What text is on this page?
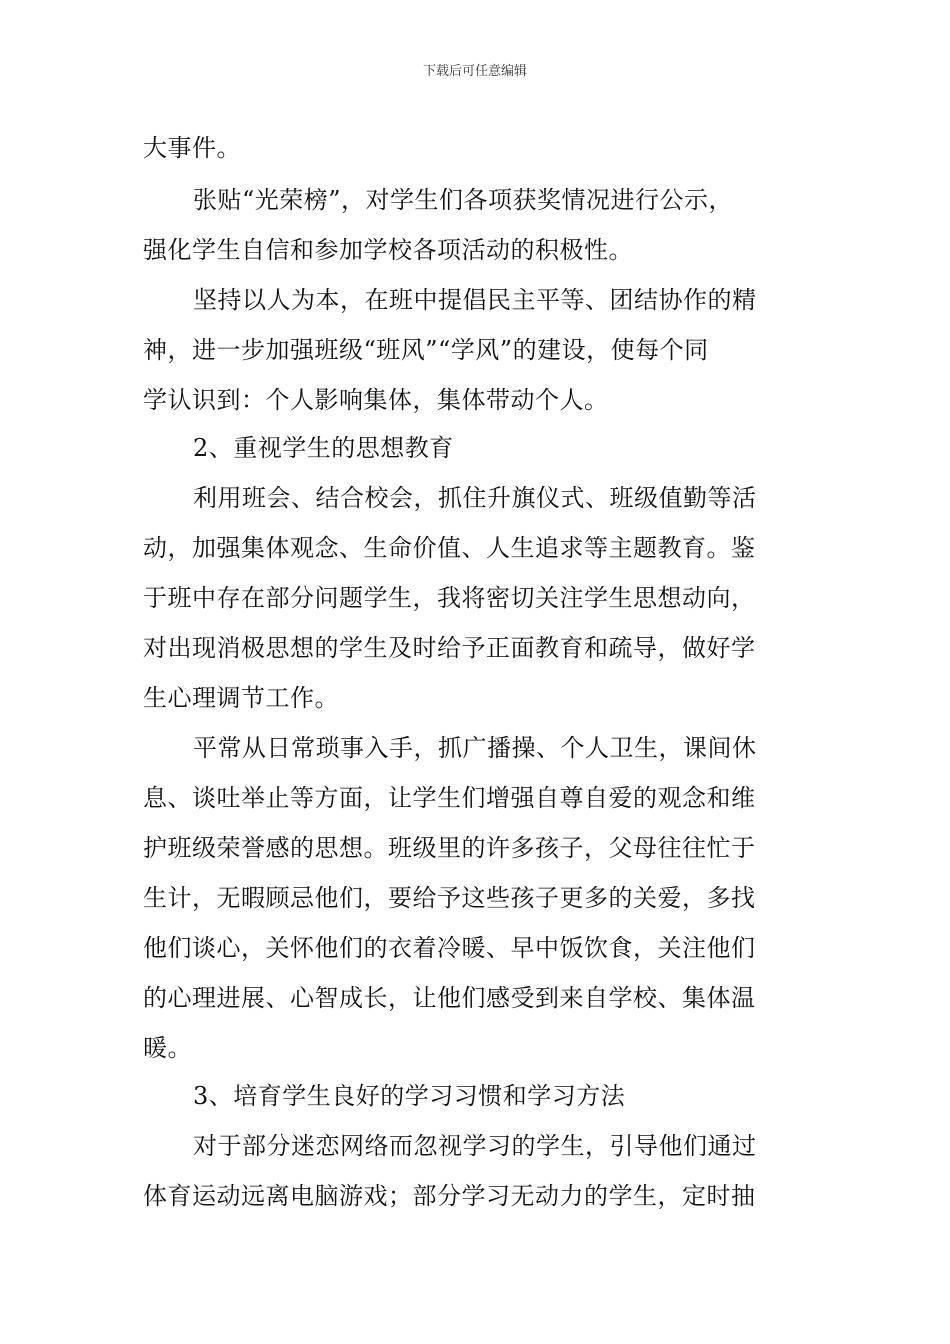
下载后可任意编辑
大事件。
张贴“光荣榜”，对学生们各项获奖情况进行公示，
强化学生自信和参加学校各项活动的积极性。
坚持以人为本，在班中提倡民主平等、团结协作的精
神，进一步加强班级“班风”“学风”的建设，使每个同
学认识到：个人影响集体，集体带动个人。
2、重视学生的思想教育
利用班会、结合校会，抓住升旗仪式、班级值勤等活
动，加强集体观念、生命价值、人生追求等主题教育。鉴
于班中存在部分问题学生，我将密切关注学生思想动向，
对出现消极思想的学生及时给予正面教育和疏导，做好学
生心理调节工作。
平常从日常琐事入手，抓广播操、个人卫生，课间休
息、谈吐举止等方面，让学生们增强自尊自爱的观念和维
护班级荣誉感的思想。班级里的许多孩子，父母往往忙于
生计，无暇顾忌他们，要给予这些孩子更多的关爱，多找
他们谈心，关怀他们的衣着冷暖、早中饭饮食，关注他们
的心理进展、心智成长，让他们感受到来自学校、集体温
暖。
3、培育学生良好的学习习惯和学习方法
对于部分迷恋网络而忽视学习的学生，引导他们通过
体育运动远离电脑游戏；部分学习无动力的学生，定时抽
